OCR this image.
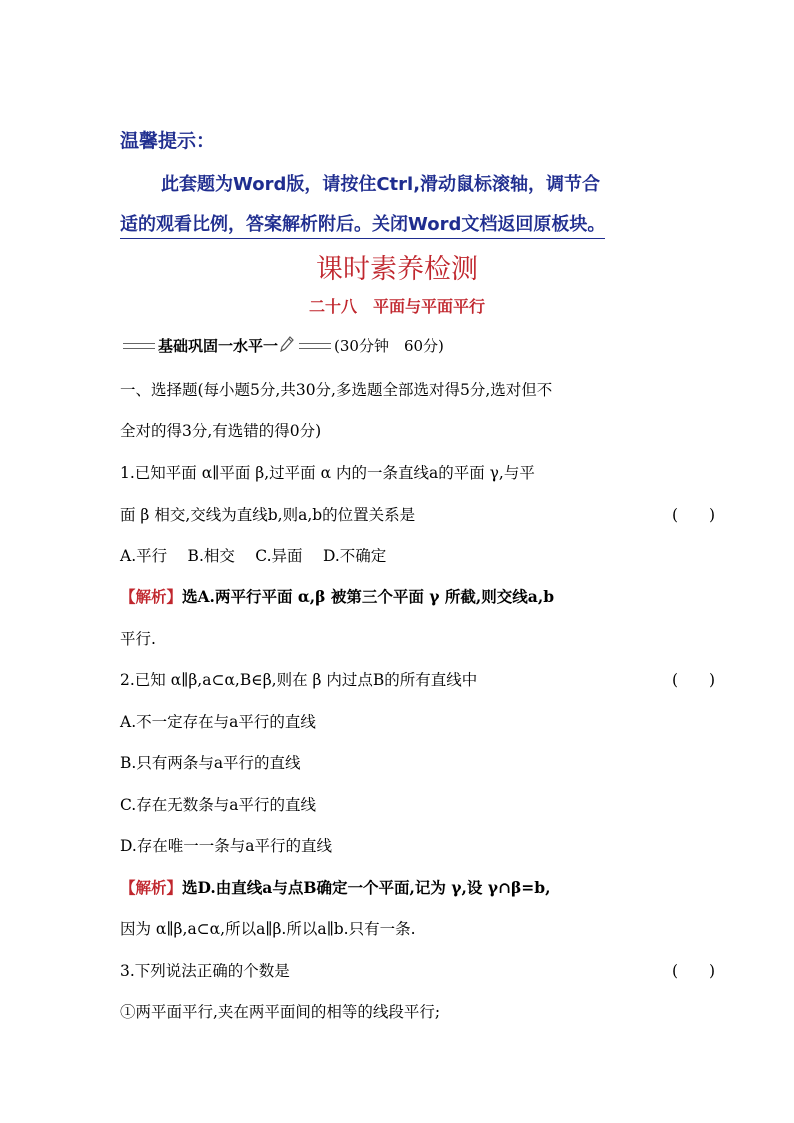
温馨提示：
此套题为Word版，请按住Ctrl,滑动鼠标滚轴，调节合
适的观看比例，答案解析附后。关闭Word文档返回原板块。
课时素养检测
二十八　平面与平面平行
基础巩固一水平一	(30分钟　60分)
一、选择题(每小题5分,共30分,多选题全部选对得5分,选对但不
全对的得3分,有选错的得0分)
1.已知平面 α∥平面 β,过平面 α 内的一条直线a的平面 γ,与平
面 β 相交,交线为直线b,则a,b的位置关系是	(　　)
A.平行　 B.相交　 C.异面　 D.不确定
【解析】选A.两平行平面 α,β 被第三个平面 γ 所截,则交线a,b
平行.
2.已知 α∥β,a⊂α,B∈β,则在 β 内过点B的所有直线中	(　　)
A.不一定存在与a平行的直线
B.只有两条与a平行的直线
C.存在无数条与a平行的直线
D.存在唯一一条与a平行的直线
【解析】选D.由直线a与点B确定一个平面,记为 γ,设 γ∩β=b,
因为 α∥β,a⊂α,所以a∥β.所以a∥b.只有一条.
3.下列说法正确的个数是	(　　)
①两平面平行,夹在两平面间的相等的线段平行;
